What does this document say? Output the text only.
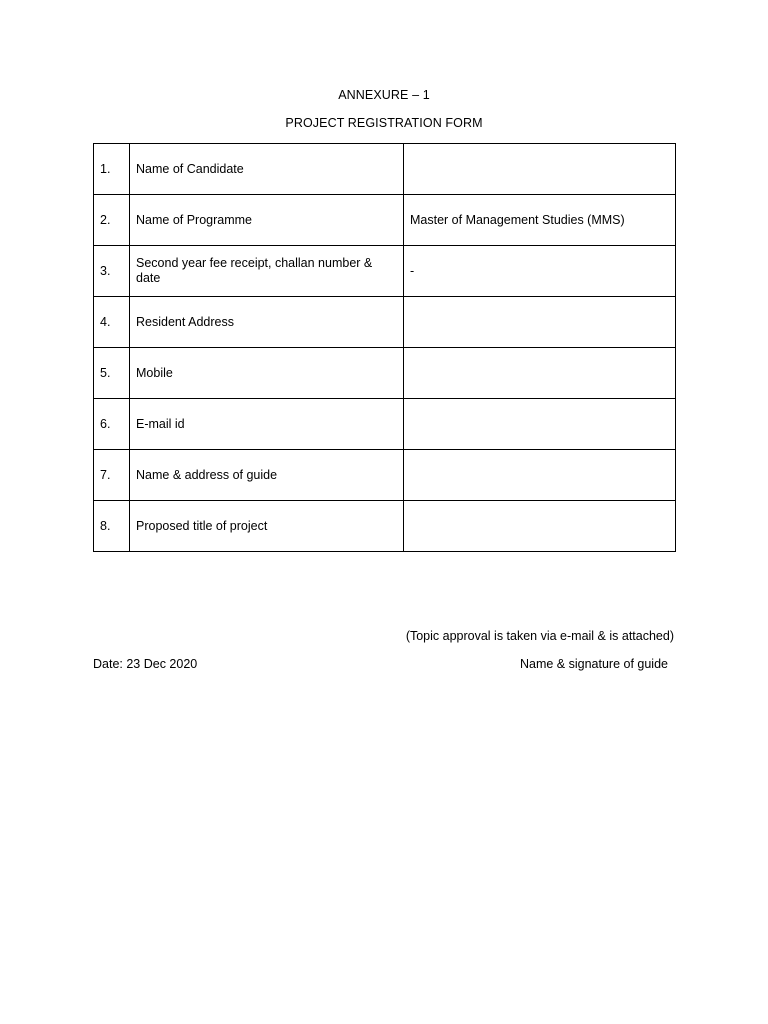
ANNEXURE – 1
PROJECT REGISTRATION FORM
1.	Name of Candidate	
2.	Name of Programme	Master of Management Studies (MMS)
3.	Second year fee receipt, challan number & date	-
4.	Resident Address	
5.	Mobile	
6.	E-mail id	
7.	Name & address of guide	
8.	Proposed title of project	
(Topic approval is taken via e-mail & is attached)
Date: 23 Dec 2020	Name & signature of guide
